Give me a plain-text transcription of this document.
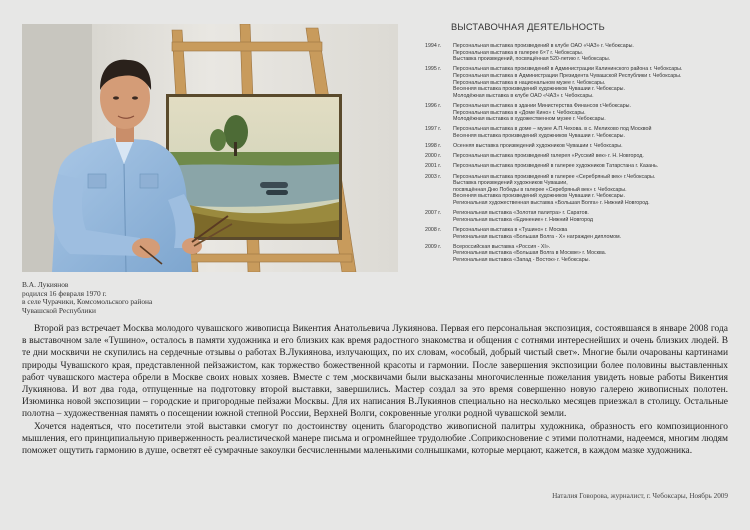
В.А. Лукиянов
родился 16 февраля 1970 г.
в селе Чурачики, Комсомольского района
Чувашской Республики
ВЫСТАВОЧНАЯ ДЕЯТЕЛЬНОСТЬ
1994 г.	Персональная выставка произведений в клубе ОАО «ЧАЗ» г. Чебоксары.
Персональная выставка в галерее 6×7 г. Чебоксары.
Выставка произведений, посвящённая 520-летию г. Чебоксары.
1995 г.	Персональная выставка произведений в Администрации Калининского района г. Чебоксары.
Персональная выставка в Администрации Президента Чувашской Республики г. Чебоксары.
Персональная выставка в национальном музее г. Чебоксары.
Весенняя выставка произведений художников Чувашии г. Чебоксары.
Молодёжная выставка в клубе ОАО «ЧАЗ» г. Чебоксары.
1996 г.	Персональная выставка в здании Министерства Финансов г.Чебоксары.
Персональная выставка в «Доме Кино» г. Чебоксары.
Молодёжная выставка в художественном музее г. Чебоксары.
1997 г.	Персональная выставка в доме – музее А.П.Чехова. в с. Мелихово под Москвой
Весенняя выставка произведений художников Чувашии г. Чебоксары.
1998 г.	Осенняя выставка произведений художников Чувашии г. Чебоксары.
2000 г.	Персональная выставка произведений галерея «Русский век» г. Н. Новгород.
2001 г.	Персональная выставка произведений в галерее художников Татарстана г. Казань.
2003 г.	Персональная выставка произведений в галерее «Серебряный век» г.Чебоксары.
Выставка произведений художников Чувашии,
посвящённая Дню Победы в галерее «Серебряный век» г. Чебоксары.
Весенняя выставка произведений художников Чувашии г. Чебоксары.
Региональная художественная выставка «Большая Волга» г. Нижний Новгород.
2007 г.	Региональная выставка «Золотая палитра» г. Саратов.
Региональная выставка «Единение» г. Нижний Новгород
2008 г.	Персональная выставка в «Тушино» г. Москва
Региональная выставка «Большая Волга - X» награжден дипломом.
2009 г.	Всероссийская выставка «Россия - XI».
Региональная выставка «Большая Волга в Москве» г. Москва.
Региональная выставка «Запад - Восток» г. Чебоксары.

Второй раз встречает Москва молодого чувашского живописца Викентия Анатольевича Лукиянова. Первая его персональная экспозиция, состоявшаяся в январе 2008 года в выставочном зале «Тушино», осталось в памяти художника и его близких как время радостного знакомства и общения с сотнями интереснейших и очень близких людей. В те дни москвичи не скупились на сердечные отзывы о работах В.Лукиянова, излучающих, по их словам, «особый, добрый чистый свет». Многие были очарованы картинами природы Чувашского края, представленной пейзажистом, как торжество божественной красоты и гармонии. После завершения экспозиции более половины выставленных работ чувашского мастера обрели в Москве своих новых хозяев. Вместе с тем ,москвичами были высказаны многочисленные пожелания увидеть новые работы Викентия Лукиянова. И вот два года, отпущенные на подготовку второй выставки, завершились. Мастер создал за это время совершенно новую галерею живописных полотен. Изюминка новой экспозиции – городские и пригородные пейзажи Москвы. Для их написания В.Лукиянов специально на несколько месяцев приезжал в столицу. Остальные полотна – художественная память о посещении южной степной России, Верхней Волги, сокровенные уголки родной чувашской земли.

Хочется надеяться, что посетители этой выставки смогут по достоинству оценить благородство живописной палитры художника, образность его композиционного мышления, его принципиальную приверженность реалистической манере письма и огромнейшее трудолюбие .Соприкосновение с этими полотнами, надеемся, многим людям поможет ощутить гармонию в душе, осветят её сумрачные закоулки бесчисленными маленькими солнышками, которые мерцают, кажется, в каждом мазке художника.

Наталия Говорова, журналист, г. Чебоксары, Ноябрь 2009
